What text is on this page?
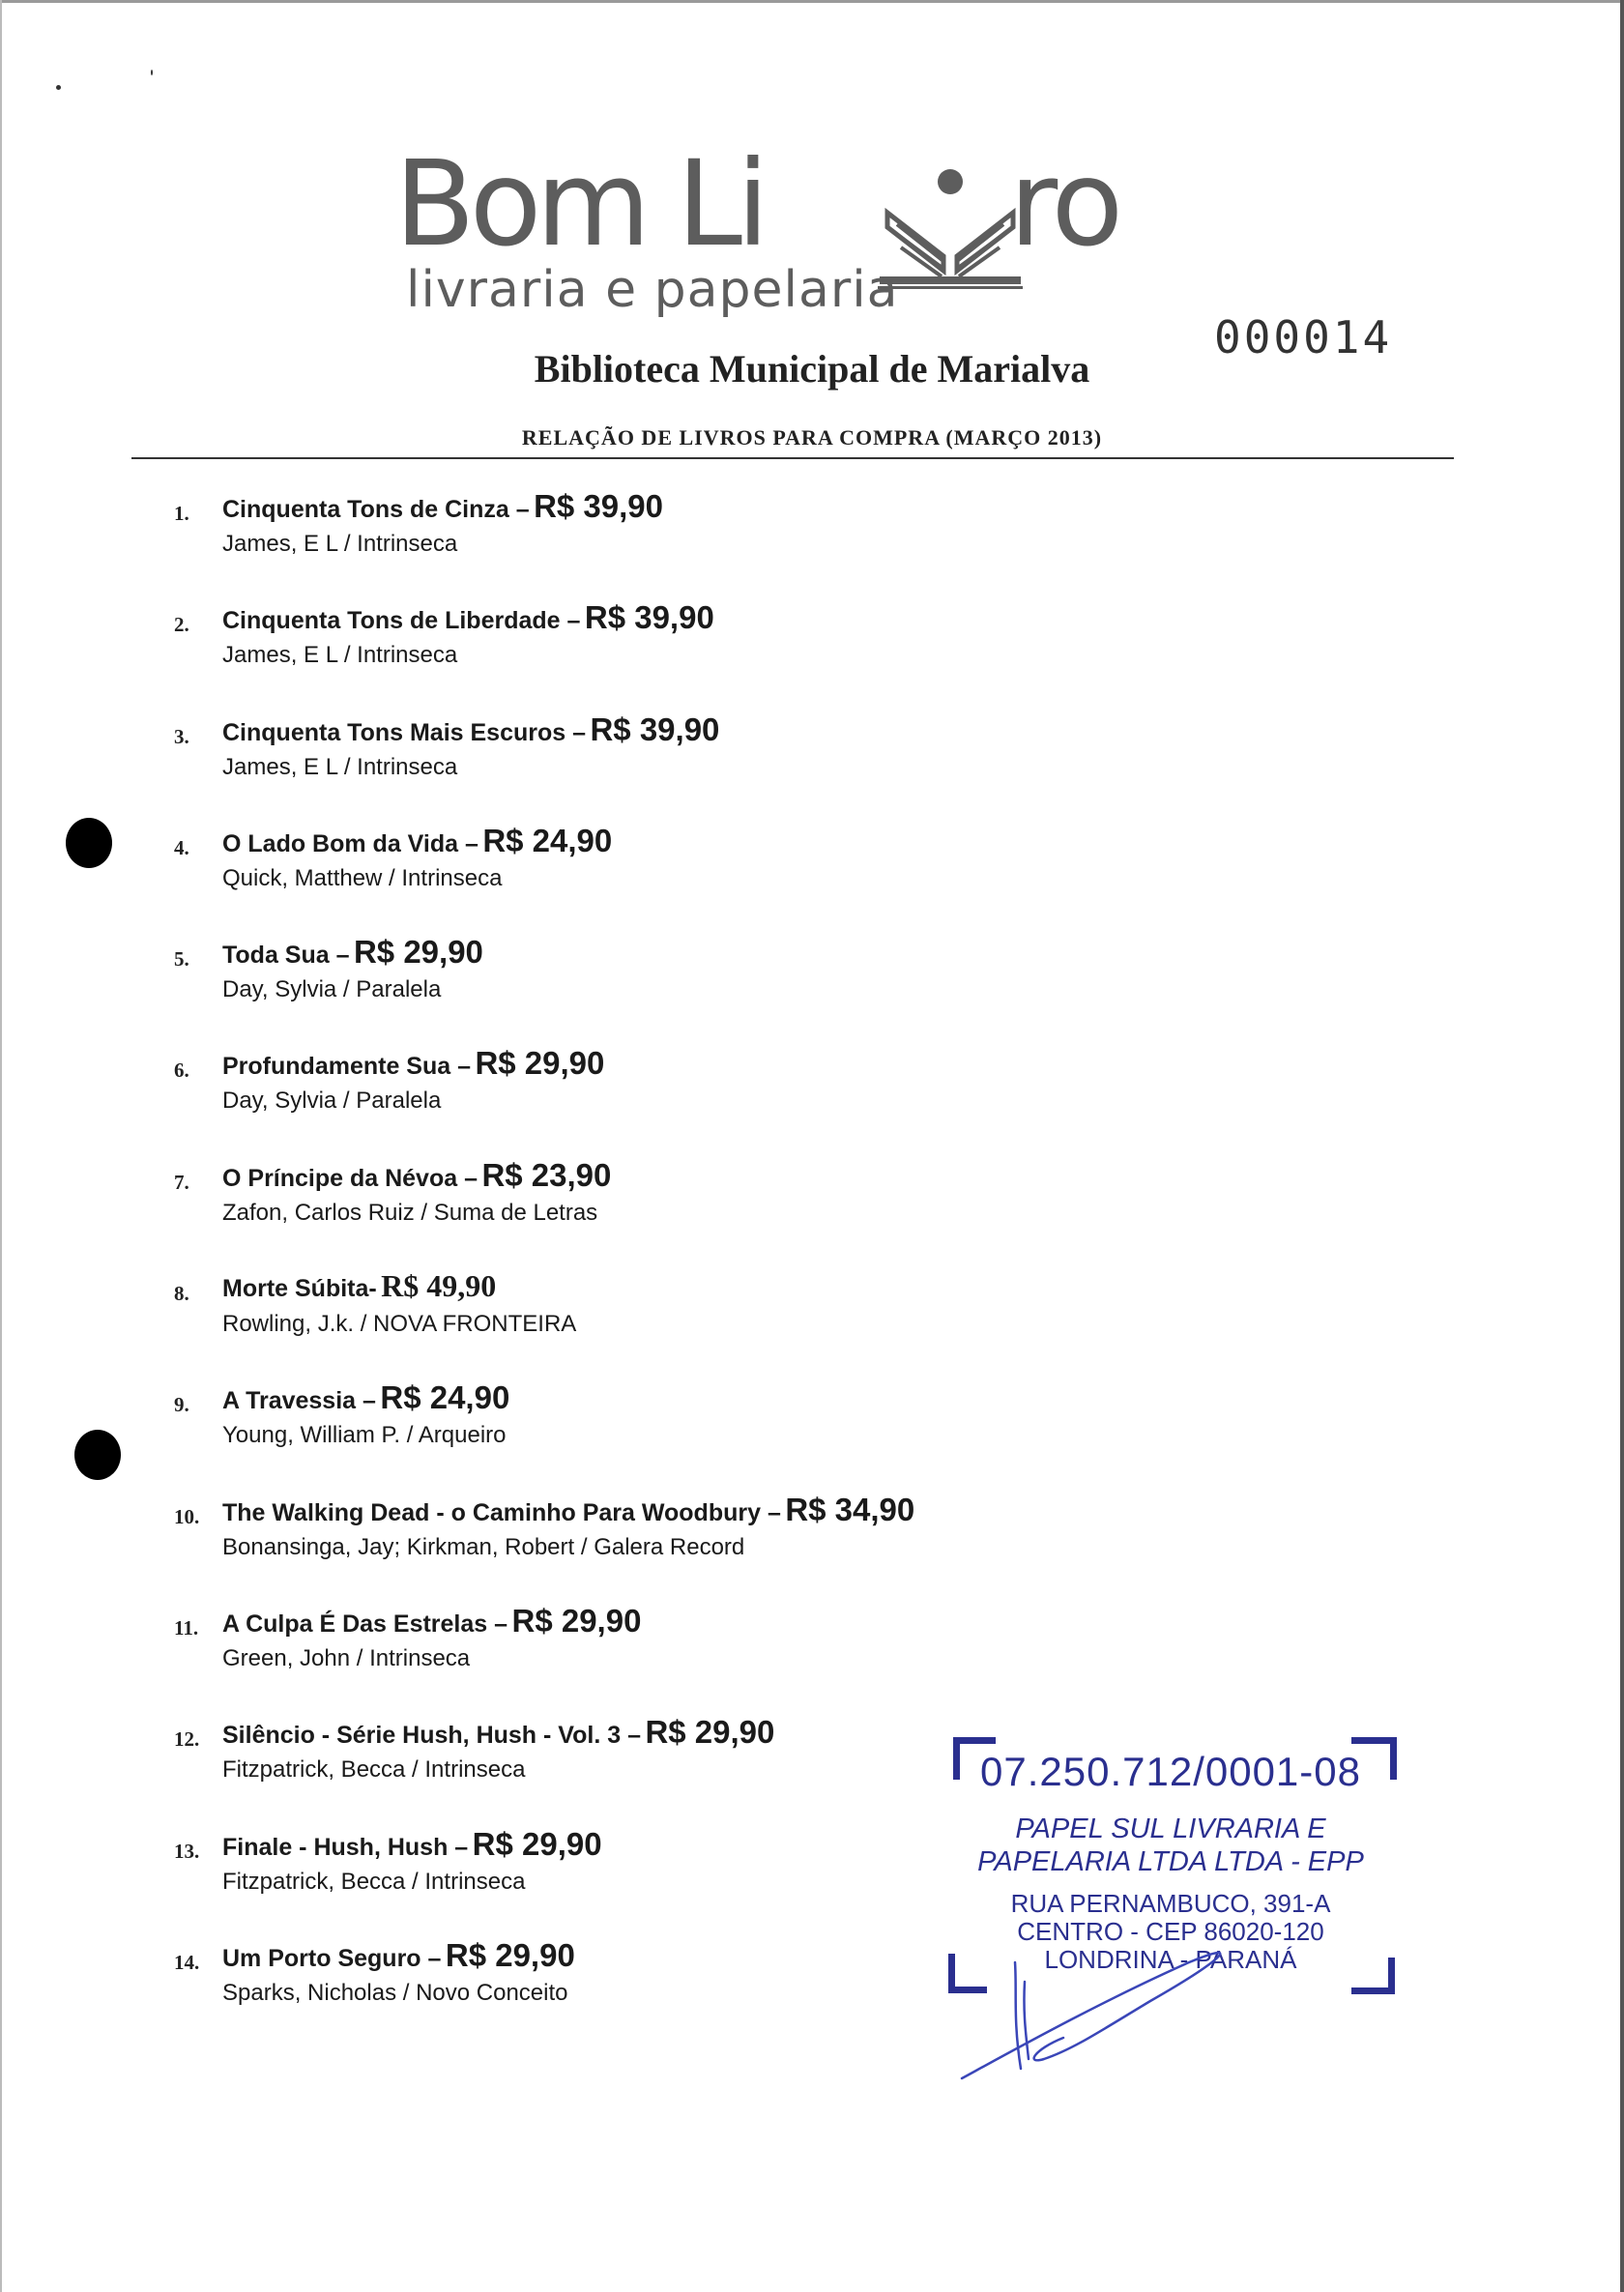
Bom Li ro
livraria e papelaria
000014
Biblioteca Municipal de Marialva
RELAÇÃO DE LIVROS PARA COMPRA (MARÇO 2013)
1.	Cinquenta Tons de Cinza – R$ 39,90
James, E L / Intrinseca
2.	Cinquenta Tons de Liberdade – R$ 39,90
James, E L / Intrinseca
3.	Cinquenta Tons Mais Escuros – R$ 39,90
James, E L / Intrinseca
4.	O Lado Bom da Vida – R$ 24,90
Quick, Matthew / Intrinseca
5.	Toda Sua – R$ 29,90
Day, Sylvia / Paralela
6.	Profundamente Sua – R$ 29,90
Day, Sylvia / Paralela
7.	O Príncipe da Névoa – R$ 23,90
Zafon, Carlos Ruiz / Suma de Letras
8.	Morte Súbita- R$ 49,90
Rowling, J.k. / NOVA FRONTEIRA
9.	A Travessia – R$ 24,90
Young, William P. / Arqueiro
10. The Walking Dead - o Caminho Para Woodbury – R$ 34,90
Bonansinga, Jay; Kirkman, Robert / Galera Record
11. A Culpa É Das Estrelas – R$ 29,90
Green, John / Intrinseca
12. Silêncio - Série Hush, Hush - Vol. 3 – R$ 29,90
Fitzpatrick, Becca / Intrinseca
13. Finale - Hush, Hush – R$ 29,90
Fitzpatrick, Becca / Intrinseca
14. Um Porto Seguro – R$ 29,90
Sparks, Nicholas / Novo Conceito
07.250.712/0001-08
PAPEL SUL LIVRARIA E
PAPELARIA LTDA LTDA - EPP
RUA PERNAMBUCO, 391-A
CENTRO - CEP 86020-120
LONDRINA - PARANÁ
